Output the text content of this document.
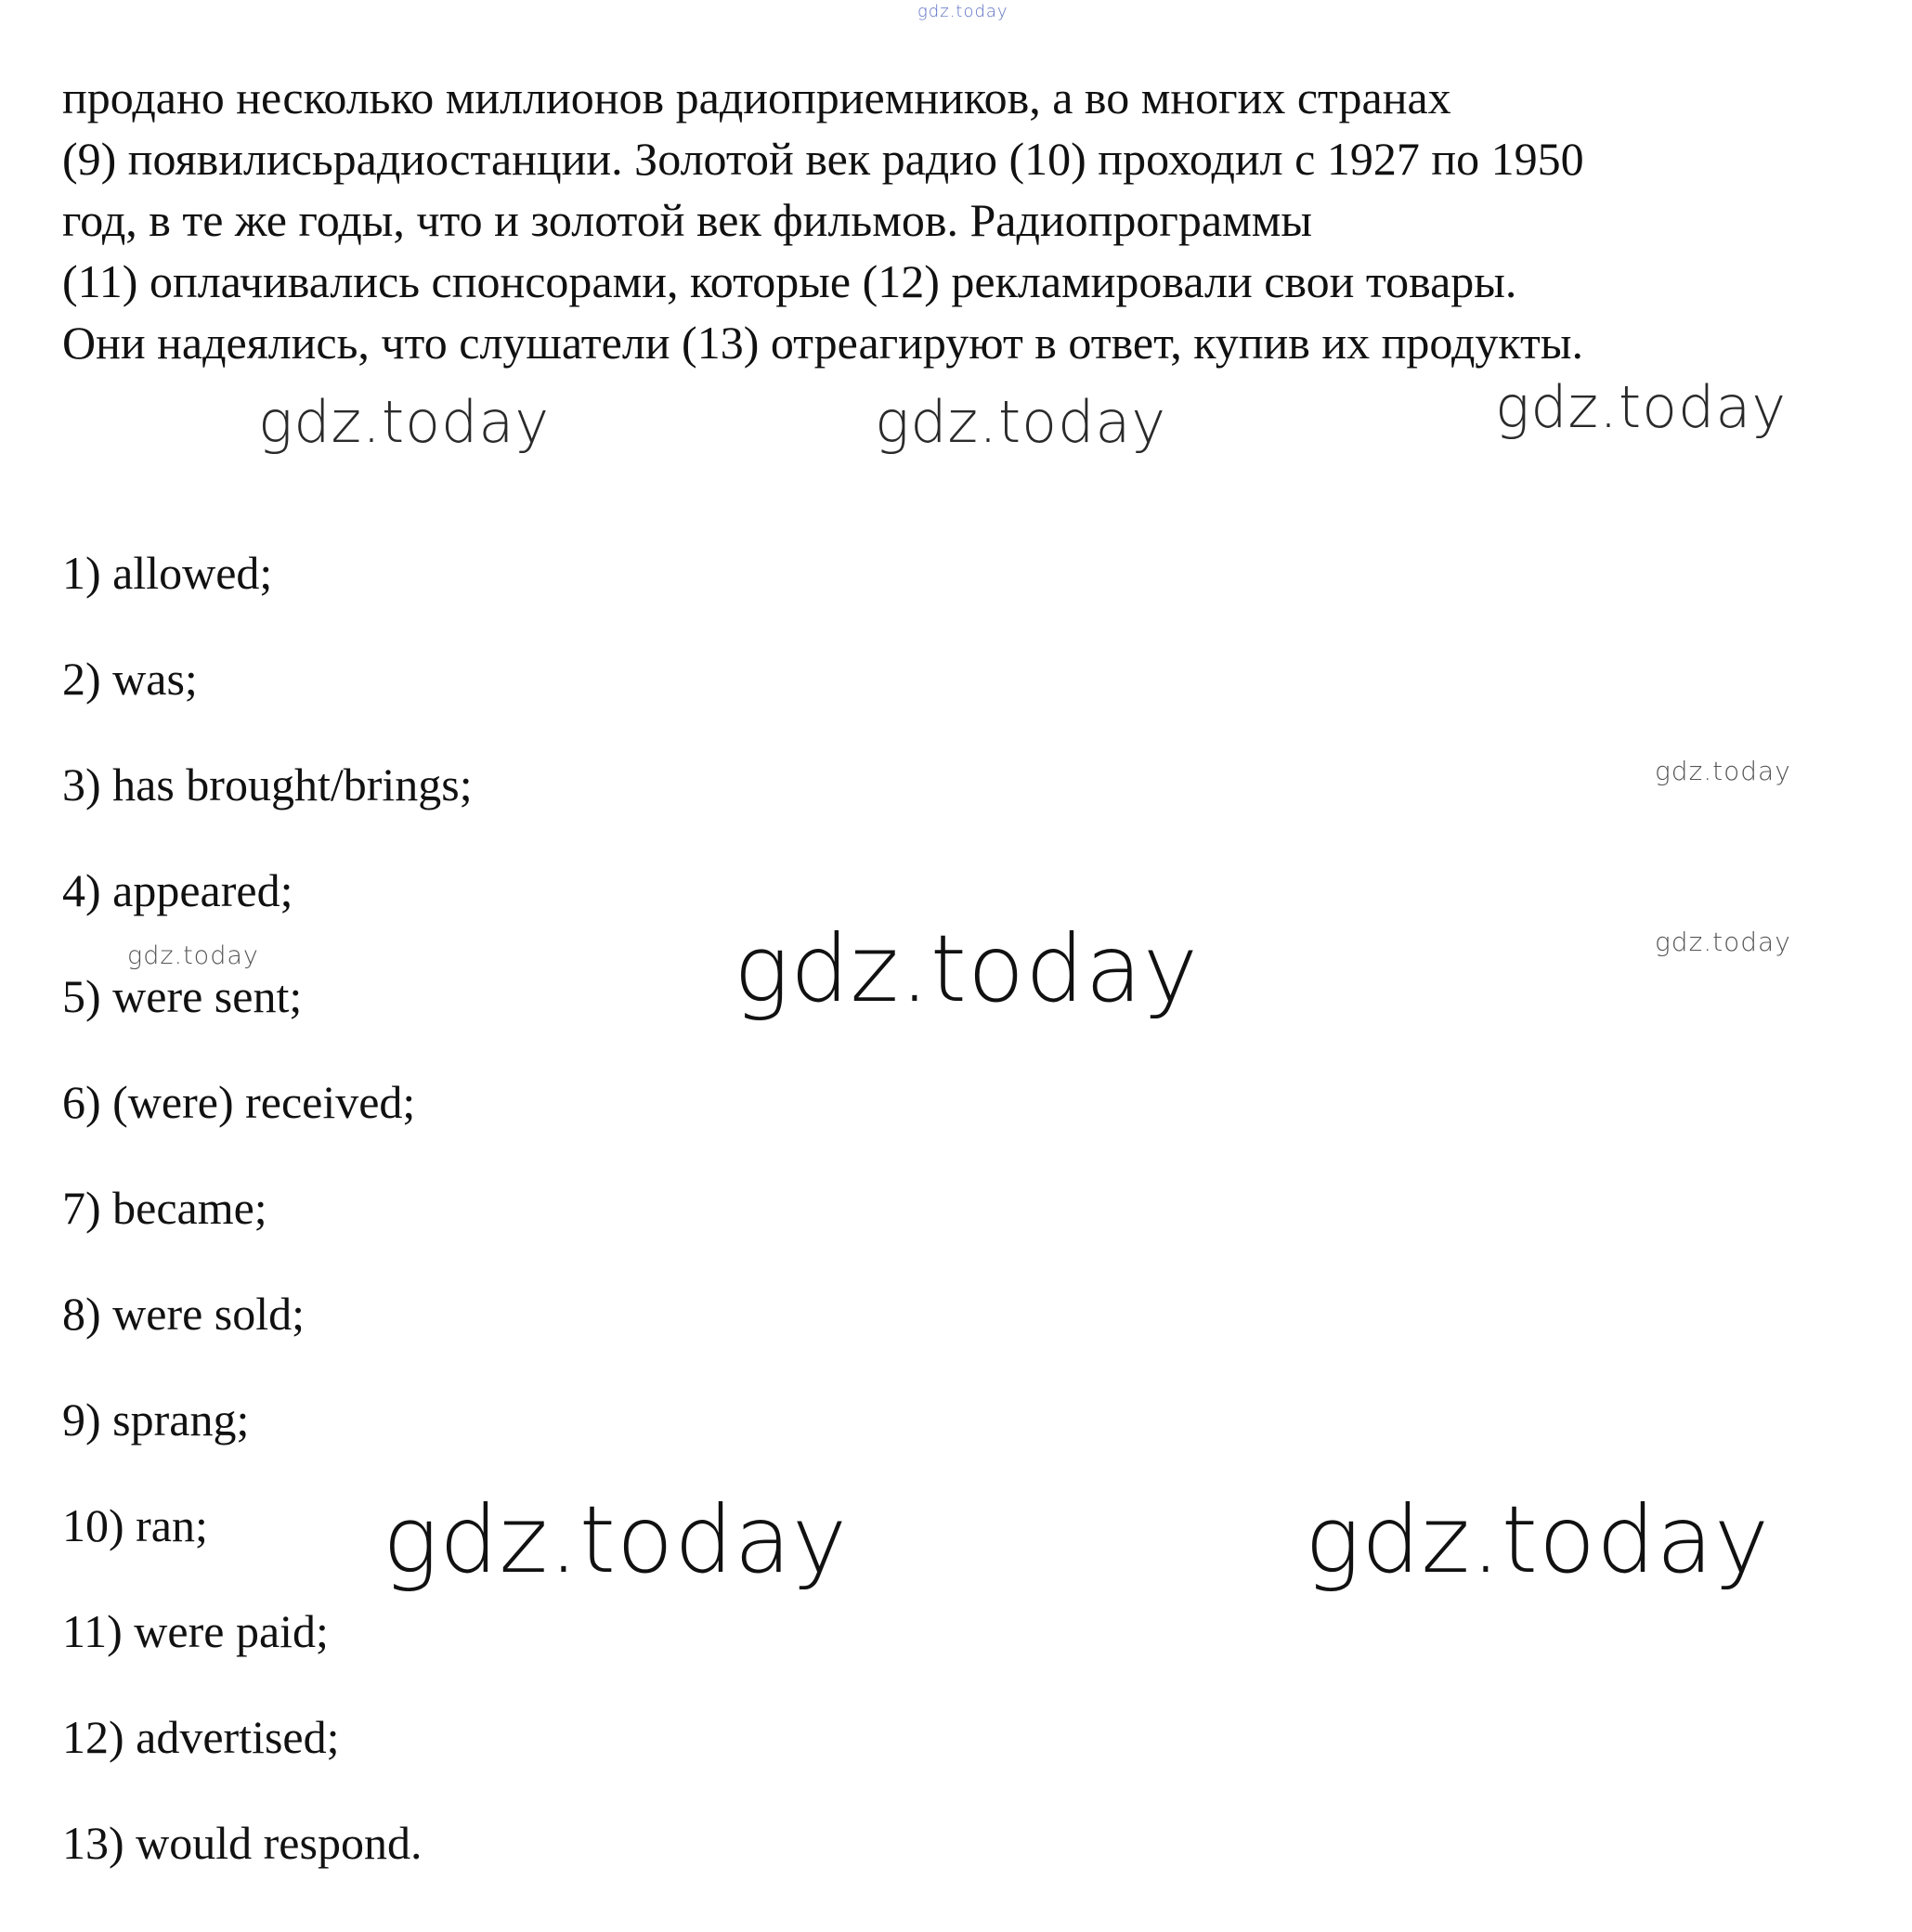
продано несколько миллионов радиоприемников, а во многих странах
(9) появилисьрадиостанции. Золотой век радио (10) проходил с 1927 по 1950
год, в те же годы, что и золотой век фильмов. Радиопрограммы
(11) оплачивались спонсорами, которые (12) рекламировали свои товары.
Они надеялись, что слушатели (13) отреагируют в ответ, купив их продукты.

1) allowed;
2) was;
3) has brought/brings;
4) appeared;
5) were sent;
6) (were) received;
7) became;
8) were sold;
9) sprang;
10) ran;
11) were paid;
12) advertised;
13) would respond.
gdz.today
gdz.today	gdz.today	gdz.today
gdz.today
gdz.today
gdz.today	gdz.today
gdz.today	gdz.today
